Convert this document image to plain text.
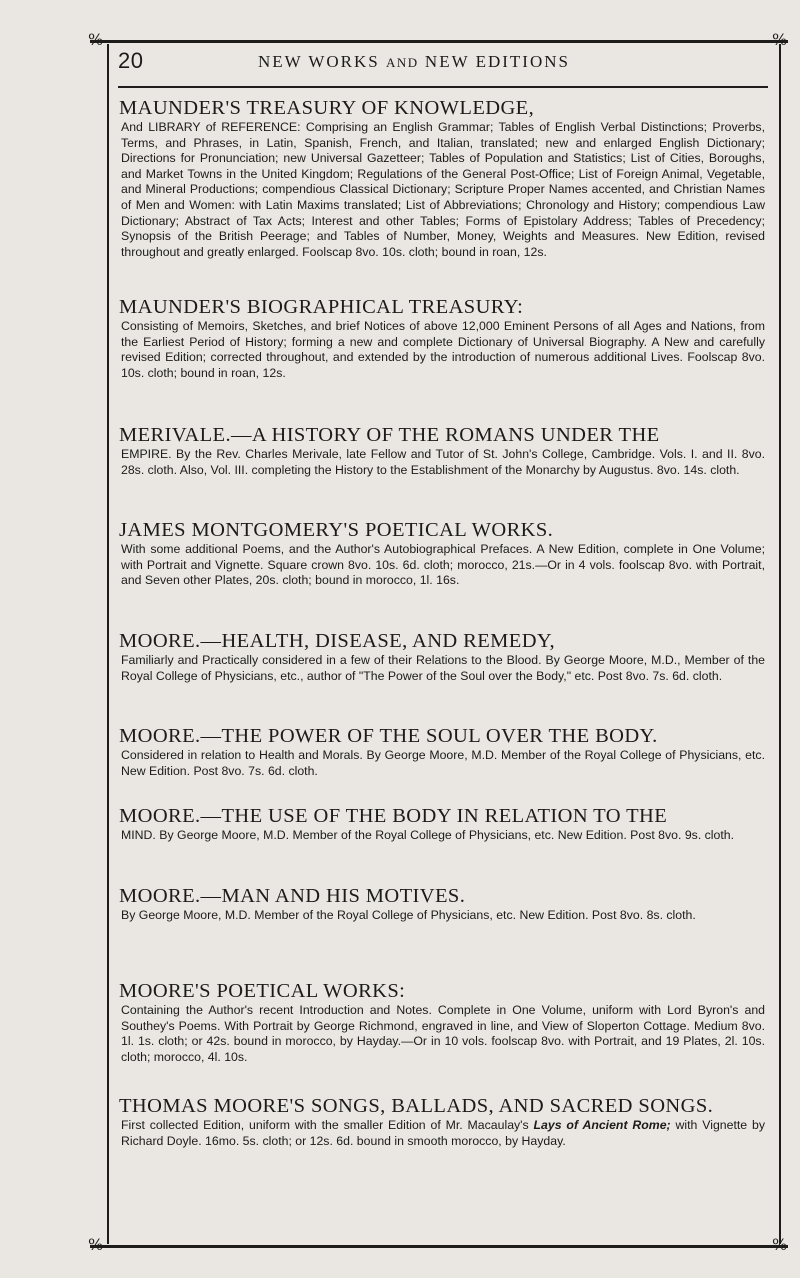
%	%
%	%
20	NEW WORKS AND NEW EDITIONS
MAUNDER'S TREASURY OF KNOWLEDGE,
And LIBRARY of REFERENCE: Comprising an English Grammar; Tables of English Verbal Distinctions; Proverbs, Terms, and Phrases, in Latin, Spanish, French, and Italian, translated; new and enlarged English Dictionary; Directions for Pronunciation; new Universal Gazetteer; Tables of Population and Statistics; List of Cities, Boroughs, and Market Towns in the United Kingdom; Regulations of the General Post-Office; List of Foreign Animal, Vegetable, and Mineral Productions; compendious Classical Dictionary; Scripture Proper Names accented, and Christian Names of Men and Women: with Latin Maxims translated; List of Abbreviations; Chronology and History; compendious Law Dictionary; Abstract of Tax Acts; Interest and other Tables; Forms of Epistolary Address; Tables of Precedency; Synopsis of the British Peerage; and Tables of Number, Money, Weights and Measures. New Edition, revised throughout and greatly enlarged. Foolscap 8vo. 10s. cloth; bound in roan, 12s.
MAUNDER'S BIOGRAPHICAL TREASURY:
Consisting of Memoirs, Sketches, and brief Notices of above 12,000 Eminent Persons of all Ages and Nations, from the Earliest Period of History; forming a new and complete Dictionary of Universal Biography. A New and carefully revised Edition; corrected throughout, and extended by the introduction of numerous additional Lives. Foolscap 8vo. 10s. cloth; bound in roan, 12s.
MERIVALE.—A HISTORY OF THE ROMANS UNDER THE
EMPIRE. By the Rev. Charles Merivale, late Fellow and Tutor of St. John's College, Cambridge. Vols. I. and II. 8vo. 28s. cloth. Also, Vol. III. completing the History to the Establishment of the Monarchy by Augustus. 8vo. 14s. cloth.
JAMES MONTGOMERY'S POETICAL WORKS.
With some additional Poems, and the Author's Autobiographical Prefaces. A New Edition, complete in One Volume; with Portrait and Vignette. Square crown 8vo. 10s. 6d. cloth; morocco, 21s.—Or in 4 vols. foolscap 8vo. with Portrait, and Seven other Plates, 20s. cloth; bound in morocco, 1l. 16s.
MOORE.—HEALTH, DISEASE, AND REMEDY,
Familiarly and Practically considered in a few of their Relations to the Blood. By George Moore, M.D., Member of the Royal College of Physicians, etc., author of "The Power of the Soul over the Body," etc. Post 8vo. 7s. 6d. cloth.
MOORE.—THE POWER OF THE SOUL OVER THE BODY.
Considered in relation to Health and Morals. By George Moore, M.D. Member of the Royal College of Physicians, etc. New Edition. Post 8vo. 7s. 6d. cloth.
MOORE.—THE USE OF THE BODY IN RELATION TO THE
MIND. By George Moore, M.D. Member of the Royal College of Physicians, etc. New Edition. Post 8vo. 9s. cloth.
MOORE.—MAN AND HIS MOTIVES.
By George Moore, M.D. Member of the Royal College of Physicians, etc. New Edition. Post 8vo. 8s. cloth.
MOORE'S POETICAL WORKS:
Containing the Author's recent Introduction and Notes. Complete in One Volume, uniform with Lord Byron's and Southey's Poems. With Portrait by George Richmond, engraved in line, and View of Sloperton Cottage. Medium 8vo. 1l. 1s. cloth; or 42s. bound in morocco, by Hayday.—Or in 10 vols. foolscap 8vo. with Portrait, and 19 Plates, 2l. 10s. cloth; morocco, 4l. 10s.
THOMAS MOORE'S SONGS, BALLADS, AND SACRED SONGS.
First collected Edition, uniform with the smaller Edition of Mr. Macaulay's Lays of Ancient Rome; with Vignette by Richard Doyle. 16mo. 5s. cloth; or 12s. 6d. bound in smooth morocco, by Hayday.
